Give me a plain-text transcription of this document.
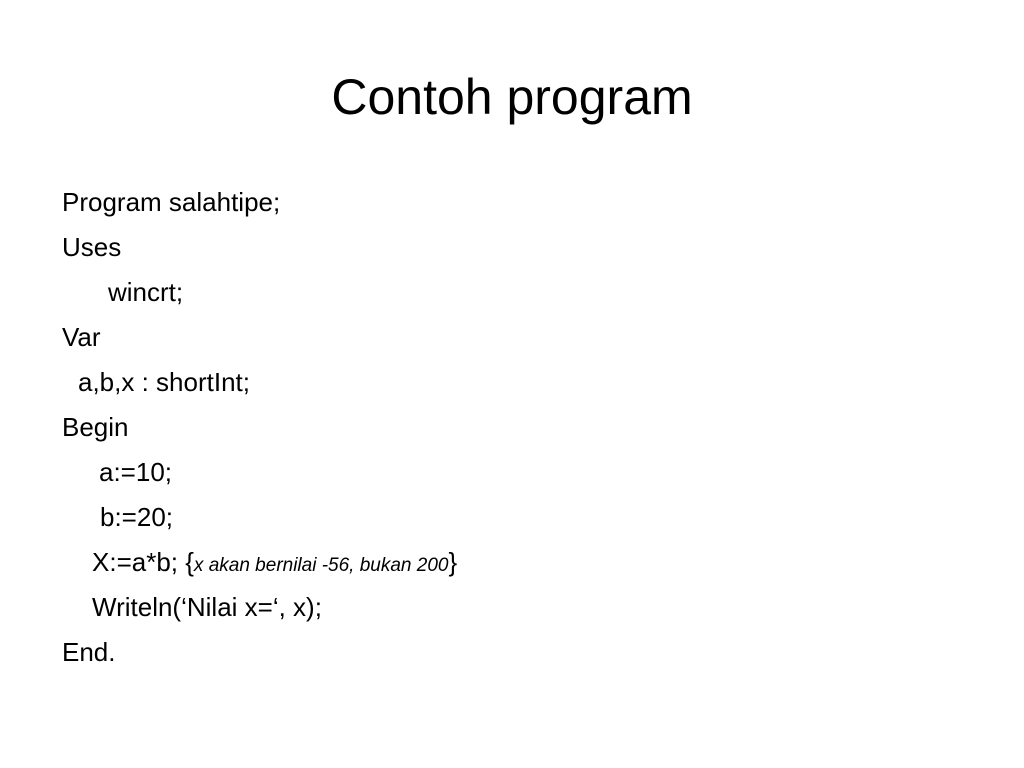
Contoh program
Program salahtipe;
Uses
wincrt;
Var
a,b,x : shortInt;
Begin
a:=10;
b:=20;
X:=a*b; {x akan bernilai -56, bukan 200}
Writeln(‘Nilai x=‘, x);
End.
